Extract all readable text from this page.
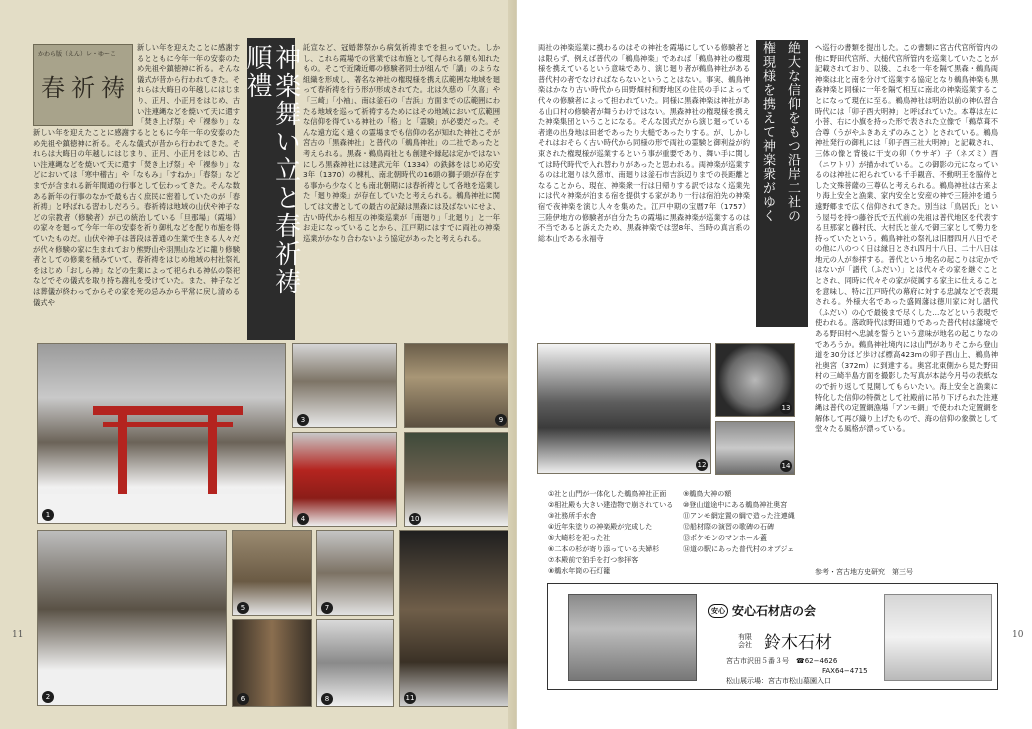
かわら版（えん）レ・ゆーこ
春 祈 祷
新しい年を迎えたことに感謝するとともに今年一年の安泰のため先祖や鎮徳神に祈る。そんな儀式が昔から行われてきた。それらは大晦日の年越しにはじまり、正月、小正月をはじめ、古い注連縄などを焼いて天に還す「焚き上げ祭」や「裸参り」な
新しい年を迎えたことに感謝するとともに今年一年の安泰のため先祖や鎮徳神に祈る。そんな儀式が昔から行われてきた。それらは大晦日の年越しにはじまり、正月、小正月をはじめ、古い注連縄などを焼いて天に還す「焚き上げ祭」や「裸参り」などにおいては「寒中稽古」や「なもみ」「すねか」「春祭」などまでが含まれる新年間通の行事として伝わってきた。そんな数ある新年の行事のなかで最も古く庶民に密着していたのが「春祈祷」と呼ばれる習わしだろう。春祈祷は地域の山伏や神子などの宗教者（修験者）が己の統治している「旦那場」（霞場）の家々を廻って今年一年の安泰を祈り御札などを配り布施を得ていたものだ。山伏や神子は普段は普通の生業で生きる人々だが代々修験の家に生まれており熊野山や羽黒山などに籠り修験者としての修業を積みていて、春祈祷をはじめ地域の村社祭礼をはじめ「おしら神」などの生業によって祀られる神仏の祭祀などでその儀式を取り持ち謝礼を受けていた。また、神子などは葬儀が終わってからその家を死の忌みから平常に戻し清める儀式や
神楽舞い立と春祈祷 順禮	託宣など、冠婚葬祭から病気祈祷までを担っていた。しかし、これら霞場での営業では布施として得られる額も知れたもの。そこで近隣近郷の修験者同士が組んで「講」のような組織を形成し、著名な神社の権現様を携え広範囲な地域を廻って春祈祷を行う形が形成されてた。北は久慈の「久喜」や「三崎」「小袖」、南は釜石の「吉浜」方面までの広範囲にわたる地域を巡って祈祷するためにはその地域において広範囲な信仰を得ている神社の「格」と「霊験」が必要だった。そんな遠方迄く遠くの霊場までも信仰の名が知れた神社こそが宮古の「黒森神社」と普代の「鵜鳥神社」の二社であったと考えられる。黒森・鵜鳥両社とも創建や縁起は定かではないにしろ黒森神社には建武元年（1334）の鉄鉢をはじめ応安3年（1370）の棟札、南北朝時代の16頭の獅子頭が存在する事から少なくとも南北朝期には春祈祷として各地を巡業した「廻り神楽」が存在していたと考えられる。鵜鳥神社に関しては文書としての最古の記録は黒森には及ばないにせよ、古い時代から相互の神楽巡業が「南廻り」「北廻り」と一年お走になっていることから、江戸期にはすでに両社の神楽巡業がかなり合わないよう協定があったと考えられる。
1
3	9
4	10
2
5
6
7
8	11
11	10
両社の神楽巡業に携わるのはその神社を霞場にしている修験者とは限らず、例えば普代の「鵜鳥神楽」であれば「鵜鳥神社の権現様を携えているという意味であり、演じ廻り者が鵜鳥神社がある普代村の者でなければならないということはない。事実、鵜鳥神楽はかなり古い時代から田野畑村和野地区の住民の手によって代々の修験者によって担われていた。同様に黒森神楽は神社がある山口村の修験者が舞うわけではない。黒森神社の権現様を携えた神楽集団ということになる。そんな図式だから演じ廻っている者達の出身地は田老であったり大槌であったりする。が、しかしそれはおそらく古い時代から同様の形で両社の霊験と御利益が約束された権現様が巡業するという事が重要であり、舞い手に関しては時代時代で入れ替わりがあったと思われる。両神楽が巡業するのは北廻りは久慈市、南廻りは釜石市吉浜辺りまでの長距離となることから、現在、神楽衆一行は日帰りする訳ではなく巡業先には代々神楽が泊まる宿を提供する家があり一行は宿泊先の神楽宿で夜神楽を演じ人々を集めた。江戸中期の宝暦7年（1757）三陸伊地方の修験者が自分たちの霞場に黒森神楽が巡業するのは不当であると訴えたため、黒森神楽では翌8年、当時の真言系の総本山である永福寺
絶大な信仰をもつ沿岸二社の
権現様を携えて神楽衆がゆく	へ巡行の書類を提出した。この書類に宮古代官所管内の他に野田代官所、大槌代官所管内を巡業していたことが記載されており、以後、これを一年を隔て黒森・鵜鳥両神楽は北と南を分けて巡業する協定となり鵜鳥神楽も黒森神楽と同様に一年を隔て相互に南北の神楽巡業することになって現在に至る。鵜鳥神社は明治以前の神仏習合時代には「卯子酉大明神」と呼ばれていた。本尊は左に小菩、右に小旗を持った形で表された立像で「鵜草葺不合尊（うがやふきあえずのみこと）とされている。鵜鳥神社発行の御札には「卯子酉三社大明神」と記載され、三体の像と背後に干支の卯（ウサギ）子（ネズミ）酉（ニワトリ）が描かれている。この御影の元になっているのは神社に祀られている千手観音、不動明王を脇侍とした文殊菩薩の三尊仏と考えられる。鵜鳥神社は古来より海上安全と漁業、家内安全と安産の神で三陸沖を通う遠野郷まで広く信仰されてきた。別当は「鳥居氏」という屋号を持つ藤谷氏で五代前の先祖は普代地区を代表する旦那家と藤村氏、大村氏と並んで御三家として勢力を持っていたという。鵜鳥神社の祭礼は旧暦四月八日でその他に八のつく日は縁日とされ四月十八日、二十八日は地元の人が参拝する。普代という地名の起こりは定かではないが「譜代（ふだい）」とは代々その家を継ぐこととされ、同時に代々その家が従属する家主に仕えることを意味し、特に江戸時代の幕府に対する忠誠などで表現される。外様大名であった盛岡藩は徳川家に対し譜代（ふだい）の心で最後まで尽くした…などという表現で使われる。落政時代は野田通りであった普代村は藩境である野田村へ忠誠を誓うという意味が地名の起こりなのであろうか。鵜鳥神社境内には山門がありそこから登山道を30分ほど歩けば標高423mの卯子酉山上、鵜鳥神社奥宮（372m）に到達する。奥宮北東側から見た野田村の三崎半島方面を撮影した写真が本誌今月号の表紙なので折り返して見開してもらいたい。海上安全と漁業に特化した信仰の特徴として社殿前に吊り下げられた注連縄は普代の定置網漁場「アンモ網」で使われた定置網を解体して再び織り上げたもので、海の信仰の象徴として堂々たる風格が漂っている。
参考・宮古地方史研究　第三号
12
13
14
①社と山門が一体化した鵜鳥神社正面	⑨鵜鳥大神の額
②相社殿も大きい建造物で崩されている ⑩登山道途中にある鵜鳥神社奥宮
③社務所手水舎	⑪アンモ網定置の綱で造った注連縄
④近年朱塗りの神楽殿が完成した	⑫船材際の演習の歌碑の石碑
⑤大崎杉を祀った社	⑬ポケモンのマンホール蓋
⑥二本の杉が寄り添っている夫婦杉	⑭道の駅にあった普代村のオブジェ
⑦本殿前で狛手を打つ参拝客
⑧鵜水年筒の石灯籠
安心 安心石材店の会
有限会社 鈴木石材
宮古市沢田５番３号　 ☎62−4626
FAX64−4715
松山展示場：宮古市松山墓園入口
